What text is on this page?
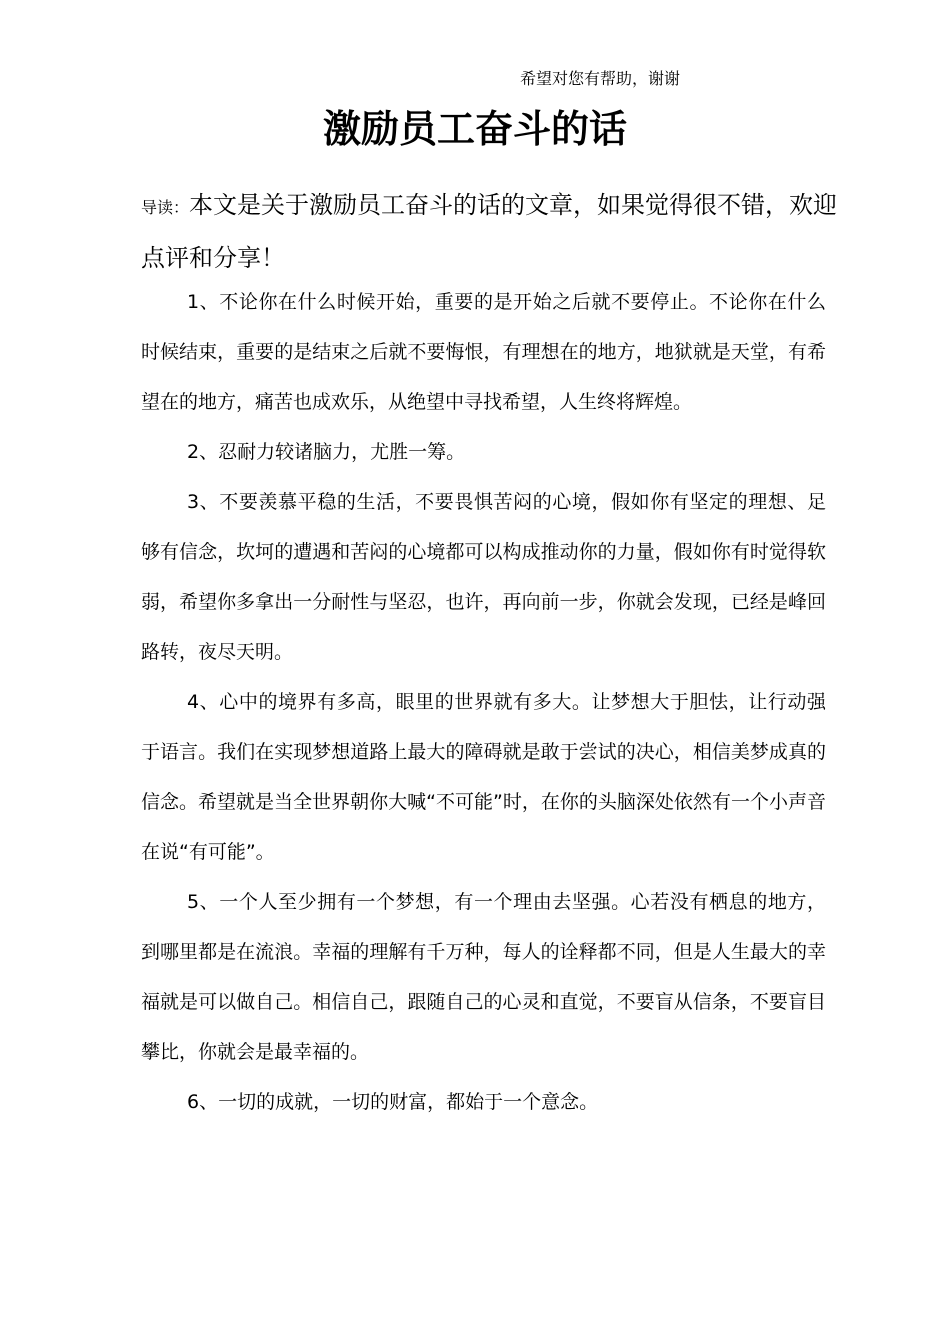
希望对您有帮助，谢谢
激励员工奋斗的话

导读：本文是关于激励员工奋斗的话的文章，如果觉得很不错，欢迎点评和分享！

1、不论你在什么时候开始，重要的是开始之后就不要停止。不论你在什么时候结束，重要的是结束之后就不要悔恨，有理想在的地方，地狱就是天堂，有希望在的地方，痛苦也成欢乐，从绝望中寻找希望，人生终将辉煌。

2、忍耐力较诸脑力，尤胜一筹。

3、不要羡慕平稳的生活，不要畏惧苦闷的心境，假如你有坚定的理想、足够有信念，坎坷的遭遇和苦闷的心境都可以构成推动你的力量，假如你有时觉得软弱，希望你多拿出一分耐性与坚忍，也许，再向前一步，你就会发现，已经是峰回路转，夜尽天明。

4、心中的境界有多高，眼里的世界就有多大。让梦想大于胆怯，让行动强于语言。我们在实现梦想道路上最大的障碍就是敢于尝试的决心，相信美梦成真的信念。希望就是当全世界朝你大喊“不可能”时，在你的头脑深处依然有一个小声音在说“有可能”。

5、一个人至少拥有一个梦想，有一个理由去坚强。心若没有栖息的地方，到哪里都是在流浪。幸福的理解有千万种，每人的诠释都不同，但是人生最大的幸福就是可以做自己。相信自己，跟随自己的心灵和直觉，不要盲从信条，不要盲目攀比，你就会是最幸福的。

6、一切的成就，一切的财富，都始于一个意念。
